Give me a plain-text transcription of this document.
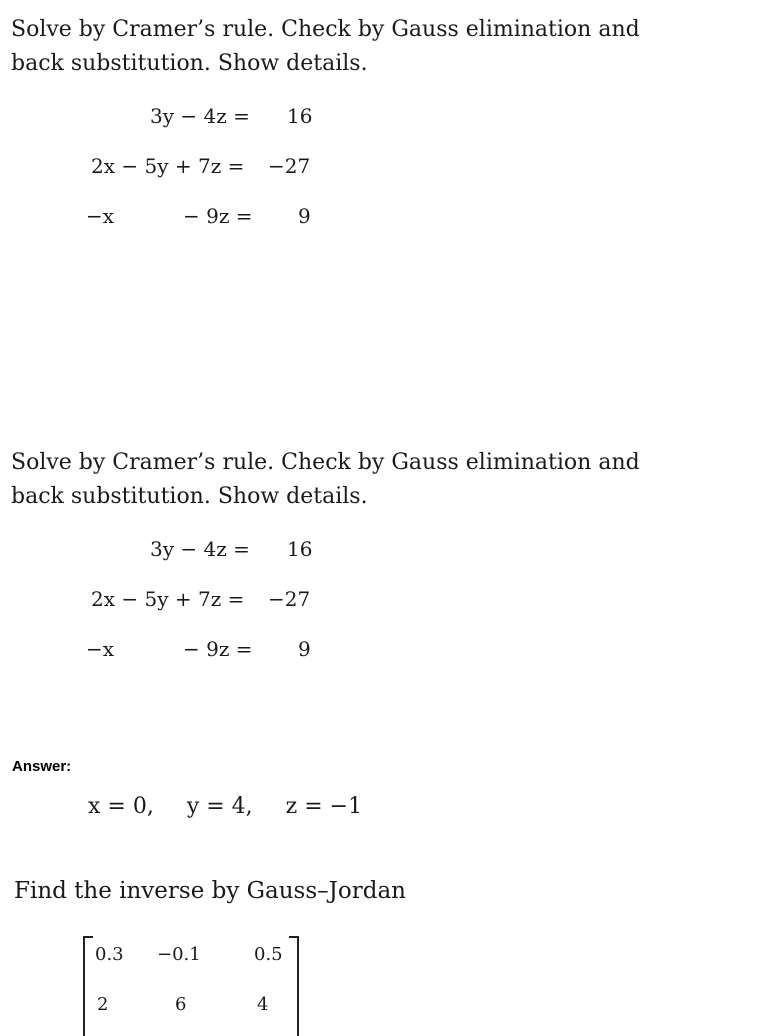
Solve by Cramer’s rule. Check by Gauss elimination and
back substitution. Show details.

3y − 4z = 16
2x − 5y + 7z = −27
−x	− 9z = 9

Solve by Cramer’s rule. Check by Gauss elimination and
back substitution. Show details.

3y − 4z = 16
2x − 5y + 7z = −27
−x	− 9z = 9
Answer:
x = 0, y = 4, z = −1
Find the inverse by Gauss–Jordan
0.3 −0.1	0.5
2	6	4
